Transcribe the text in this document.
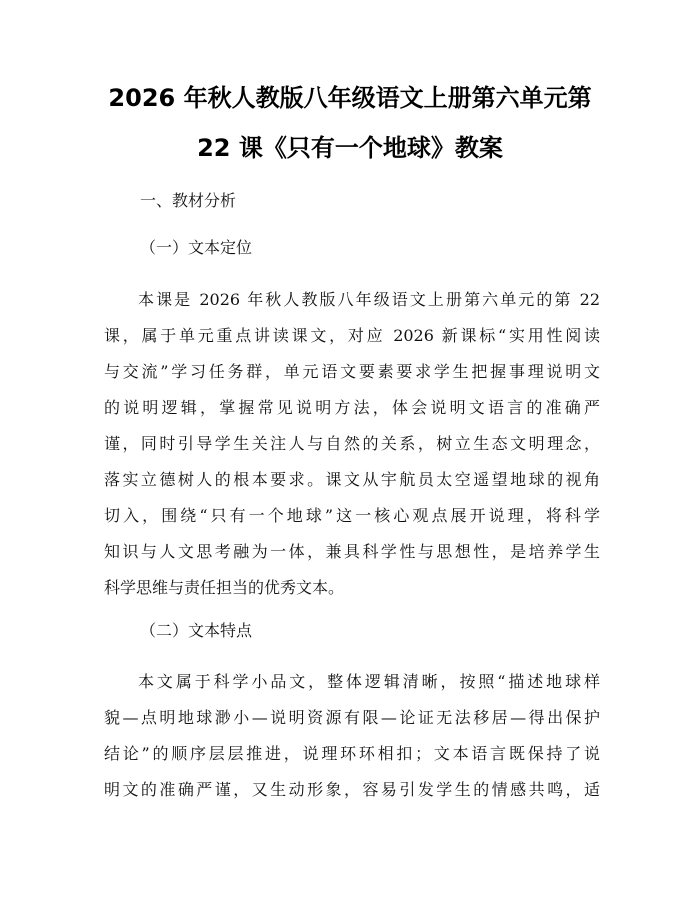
2026 年秋人教版八年级语文上册第六单元第
22 课《只有一个地球》教案

一、教材分析

（一）文本定位

本课是 2026 年秋人教版八年级语文上册第六单元的第 22
课，属于单元重点讲读课文，对应 2026 新课标“实用性阅读
与交流”学习任务群，单元语文要素要求学生把握事理说明文
的说明逻辑，掌握常见说明方法，体会说明文语言的准确严
谨，同时引导学生关注人与自然的关系，树立生态文明理念，
落实立德树人的根本要求。课文从宇航员太空遥望地球的视角
切入，围绕“只有一个地球”这一核心观点展开说理，将科学
知识与人文思考融为一体，兼具科学性与思想性，是培养学生
科学思维与责任担当的优秀文本。

（二）文本特点

本文属于科学小品文，整体逻辑清晰，按照“描述地球样
貌—点明地球渺小—说明资源有限—论证无法移居—得出保护
结论”的顺序层层推进，说理环环相扣；文本语言既保持了说
明文的准确严谨，又生动形象，容易引发学生的情感共鸣，适
